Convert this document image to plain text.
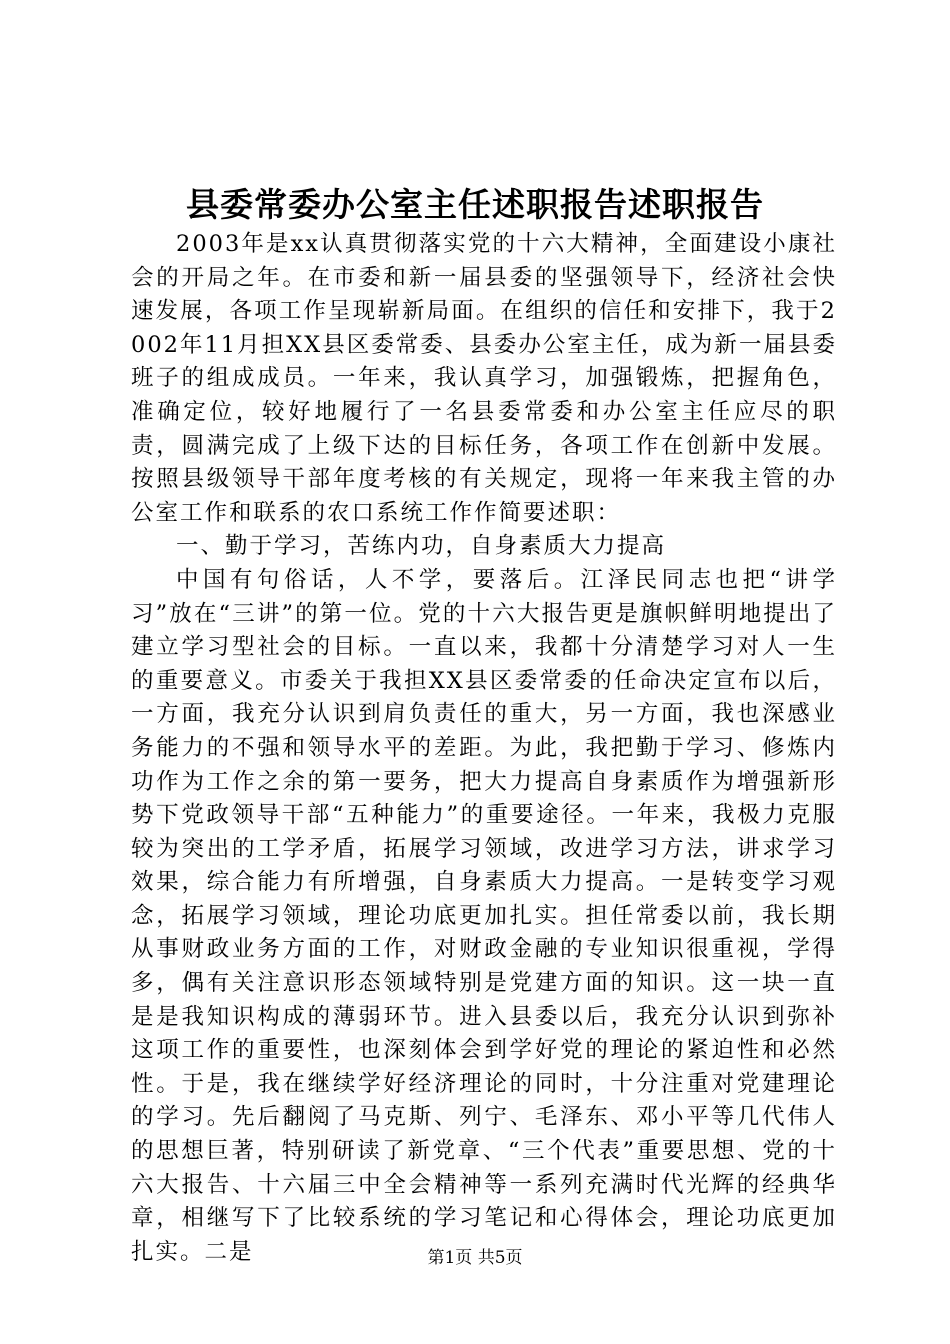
县委常委办公室主任述职报告述职报告

2003年是xx认真贯彻落实党的十六大精神，全面建设小康社会的开局之年。在市委和新一届县委的坚强领导下，经济社会快速发展，各项工作呈现崭新局面。在组织的信任和安排下，我于2002年11月担XX县区委常委、县委办公室主任，成为新一届县委班子的组成成员。一年来，我认真学习，加强锻炼，把握角色，准确定位，较好地履行了一名县委常委和办公室主任应尽的职责，圆满完成了上级下达的目标任务，各项工作在创新中发展。按照县级领导干部年度考核的有关规定，现将一年来我主管的办公室工作和联系的农口系统工作作简要述职：

一、勤于学习，苦练内功，自身素质大力提高

中国有句俗话，人不学，要落后。江泽民同志也把“讲学习”放在“三讲”的第一位。党的十六大报告更是旗帜鲜明地提出了建立学习型社会的目标。一直以来，我都十分清楚学习对人一生的重要意义。市委关于我担XX县区委常委的任命决定宣布以后，一方面，我充分认识到肩负责任的重大，另一方面，我也深感业务能力的不强和领导水平的差距。为此，我把勤于学习、修炼内功作为工作之余的第一要务，把大力提高自身素质作为增强新形势下党政领导干部“五种能力”的重要途径。一年来，我极力克服较为突出的工学矛盾，拓展学习领域，改进学习方法，讲求学习效果，综合能力有所增强，自身素质大力提高。一是转变学习观念，拓展学习领域，理论功底更加扎实。担任常委以前，我长期从事财政业务方面的工作，对财政金融的专业知识很重视，学得多，偶有关注意识形态领域特别是党建方面的知识。这一块一直是是我知识构成的薄弱环节。进入县委以后，我充分认识到弥补这项工作的重要性，也深刻体会到学好党的理论的紧迫性和必然性。于是，我在继续学好经济理论的同时，十分注重对党建理论的学习。先后翻阅了马克斯、列宁、毛泽东、邓小平等几代伟人的思想巨著，特别研读了新党章、“三个代表”重要思想、党的十六大报告、十六届三中全会精神等一系列充满时代光辉的经典华章，相继写下了比较系统的学习笔记和心得体会，理论功底更加扎实。二是	第1页 共5页
